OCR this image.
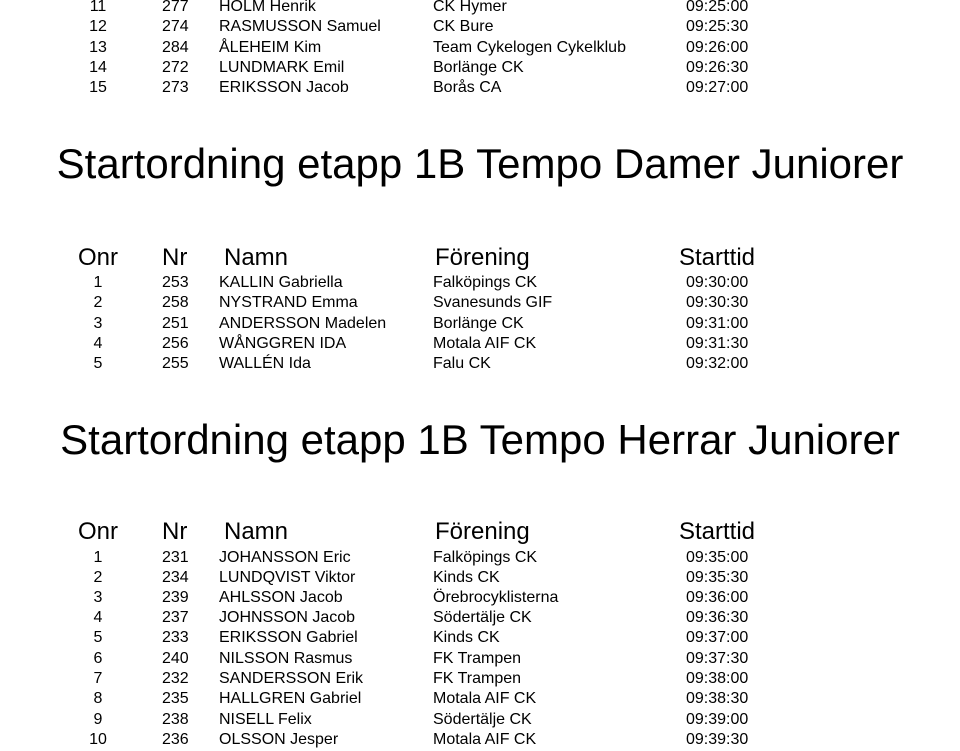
11	277 HOLM Henrik	CK Hymer	09:25:00
12	274 RASMUSSON Samuel	CK Bure	09:25:30
13	284 ÅLEHEIM Kim	Team Cykelogen Cykelklub	09:26:00
14	272 LUNDMARK Emil	Borlänge CK	09:26:30
15	273 ERIKSSON Jacob	Borås CA	09:27:00
Startordning etapp 1B Tempo Damer Juniorer
Onr Nr Namn	Förening	Starttid
1	253 KALLIN Gabriella	Falköpings CK	09:30:00
2	258 NYSTRAND Emma	Svanesunds GIF	09:30:30
3	251 ANDERSSON Madelen	Borlänge CK	09:31:00
4	256 WÅNGGREN IDA	Motala AIF CK	09:31:30
5	255 WALLÉN Ida	Falu CK	09:32:00
Startordning etapp 1B Tempo Herrar Juniorer
Onr Nr Namn	Förening	Starttid
1	231 JOHANSSON Eric	Falköpings CK	09:35:00
2	234 LUNDQVIST Viktor	Kinds CK	09:35:30
3	239 AHLSSON Jacob	Örebrocyklisterna	09:36:00
4	237 JOHNSSON Jacob	Södertälje CK	09:36:30
5	233 ERIKSSON Gabriel	Kinds CK	09:37:00
6	240 NILSSON Rasmus	FK Trampen	09:37:30
7	232 SANDERSSON Erik	FK Trampen	09:38:00
8	235 HALLGREN Gabriel	Motala AIF CK	09:38:30
9	238 NISELL Felix	Södertälje CK	09:39:00
10	236 OLSSON Jesper	Motala AIF CK	09:39:30
